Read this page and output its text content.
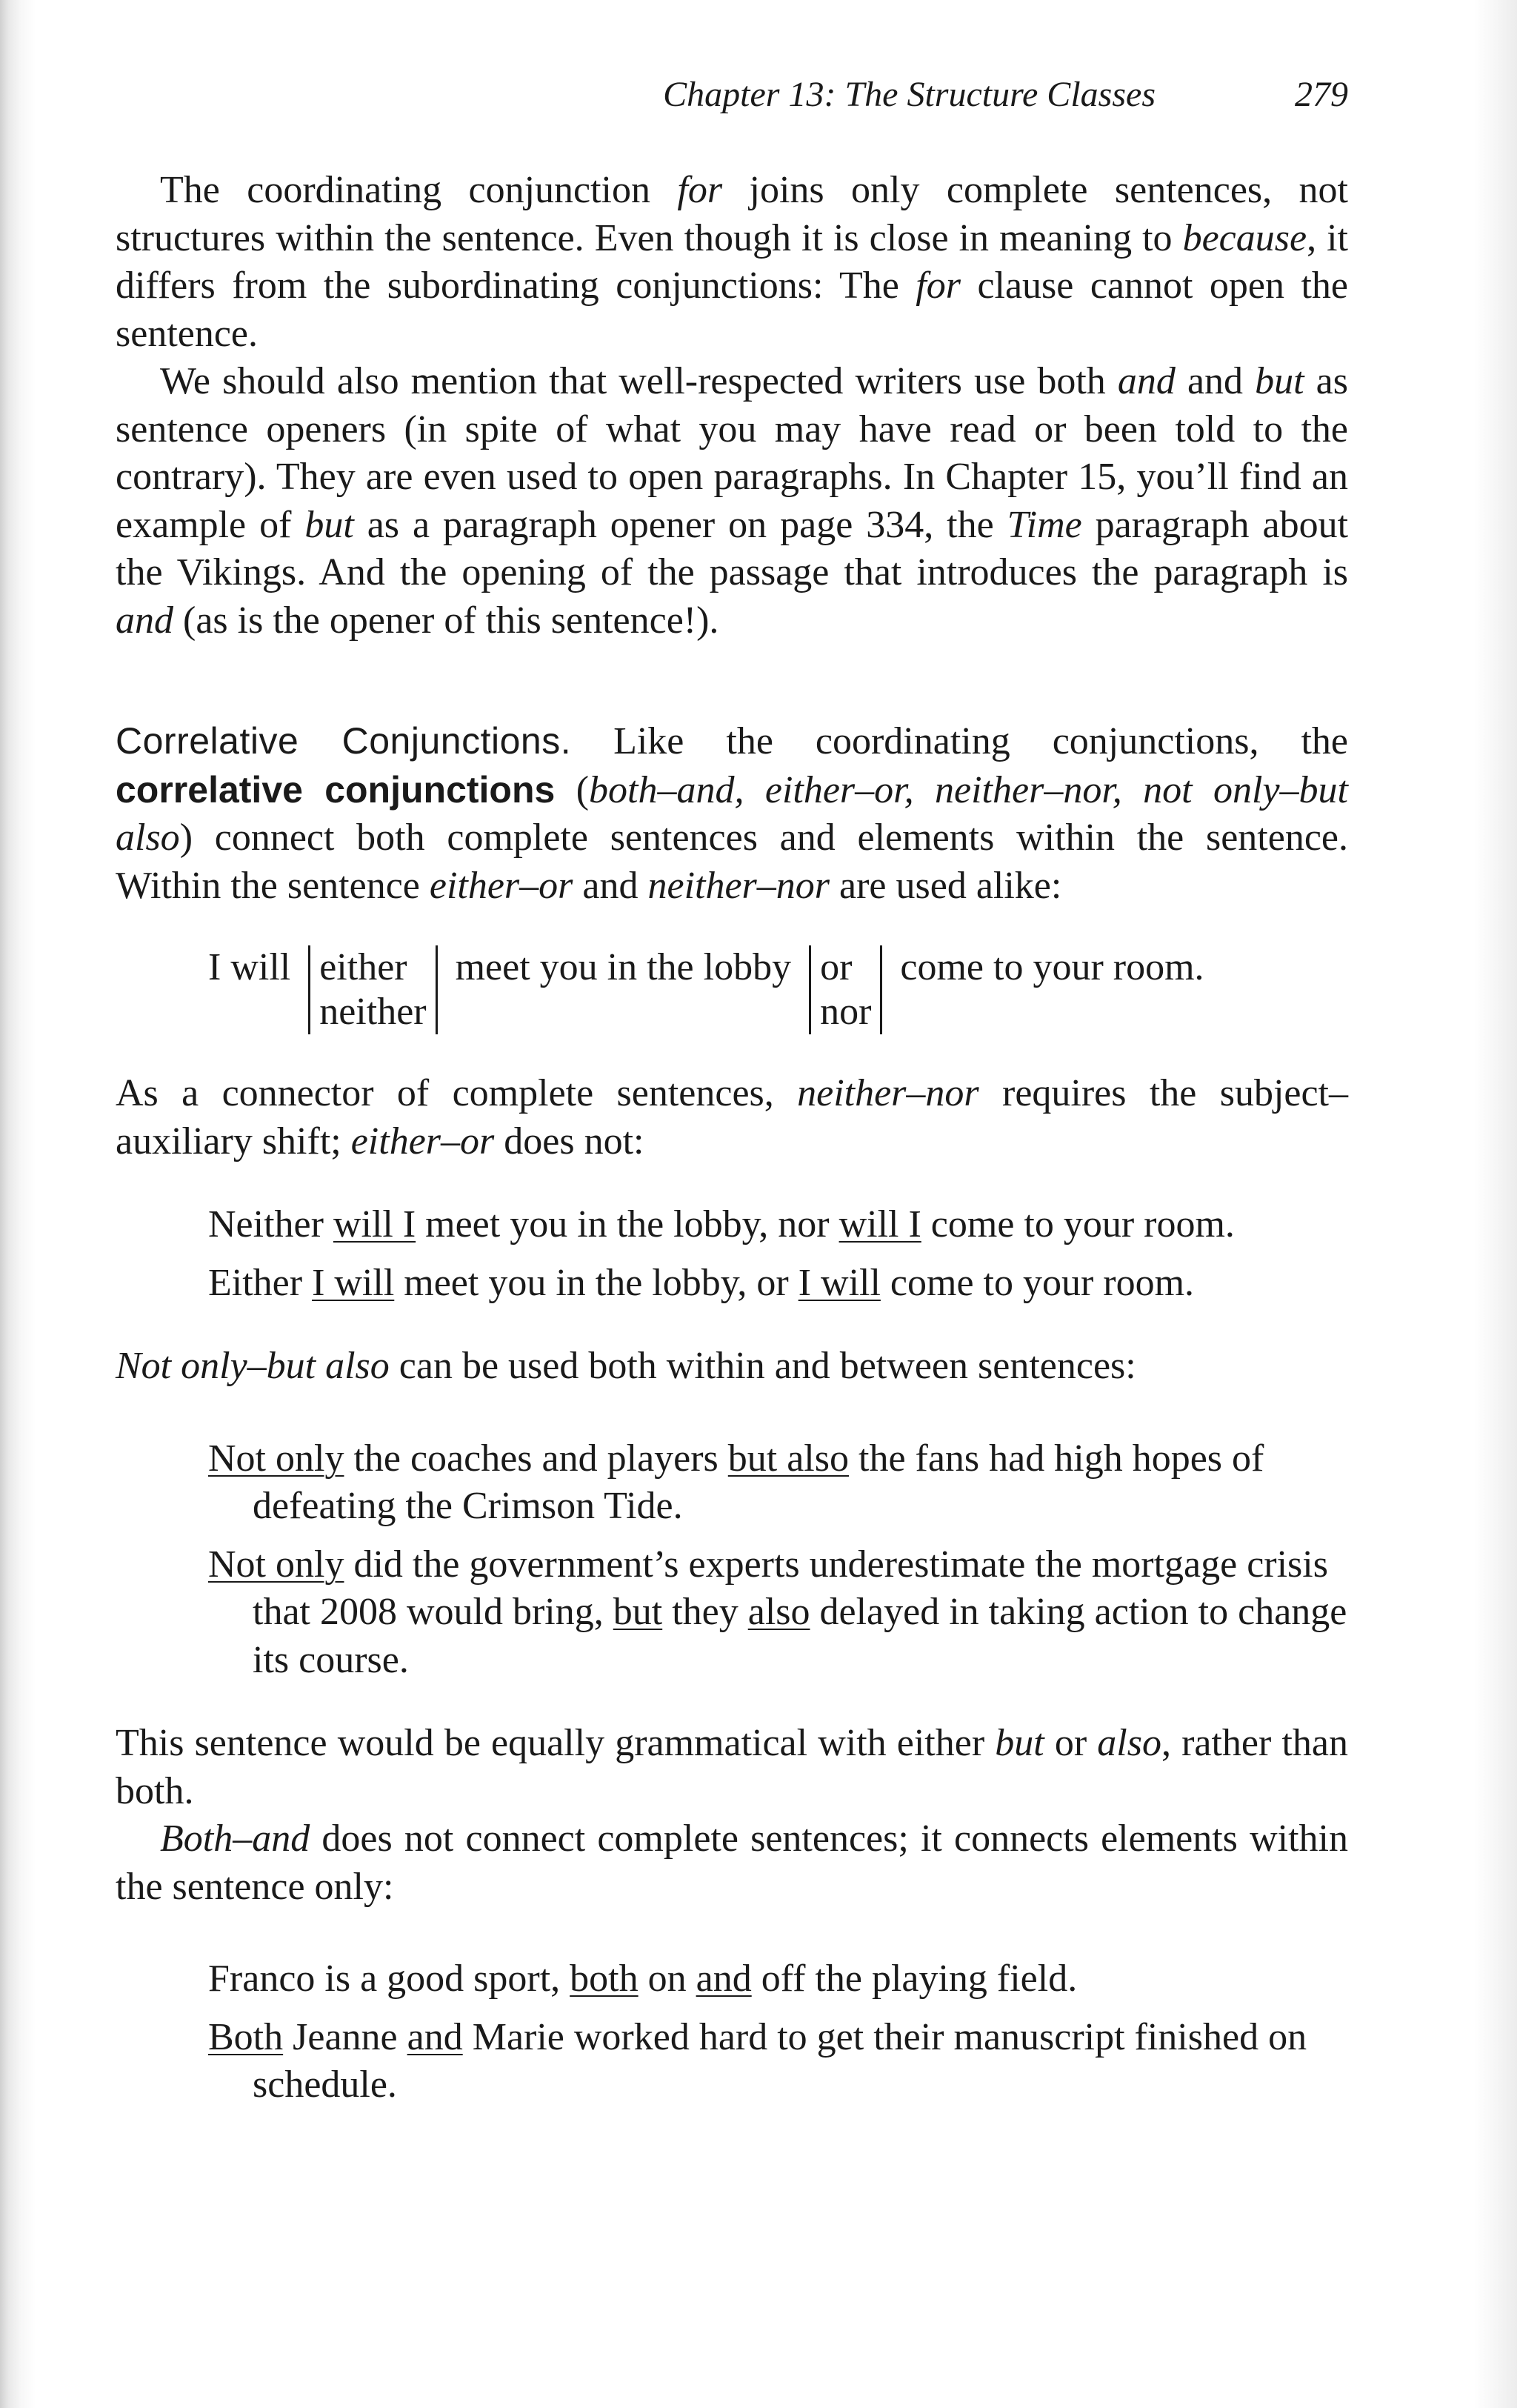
Chapter 13: The Structure Classes	279

The coordinating conjunction for joins only complete sentences, not structures within the sentence. Even though it is close in meaning to because, it differs from the subordinating conjunctions: The for clause cannot open the sentence.

We should also mention that well-respected writers use both and and but as sentence openers (in spite of what you may have read or been told to the contrary). They are even used to open paragraphs. In Chapter 15, you’ll find an example of but as a paragraph opener on page 334, the Time paragraph about the Vikings. And the opening of the passage that introduces the paragraph is and (as is the opener of this sentence!).

Correlative Conjunctions. Like the coordinating conjunctions, the correlative conjunctions (both–and, either–or, neither–nor, not only–but also) connect both complete sentences and elements within the sentence. Within the sentence either–or and neither–nor are used alike:

I will either
neither
meet you in the lobby or
nor
come to your room.

As a connector of complete sentences, neither–nor requires the subject–auxiliary shift; either–or does not:

Neither will I meet you in the lobby, nor will I come to your room.

Either I will meet you in the lobby, or I will come to your room.

Not only–but also can be used both within and between sentences:

Not only the coaches and players but also the fans had high hopes of defeating the Crimson Tide.

Not only did the government’s experts underestimate the mortgage crisis that 2008 would bring, but they also delayed in taking action to change its course.

This sentence would be equally grammatical with either but or also, rather than both.

Both–and does not connect complete sentences; it connects elements within the sentence only:

Franco is a good sport, both on and off the playing field.

Both Jeanne and Marie worked hard to get their manuscript finished on schedule.
